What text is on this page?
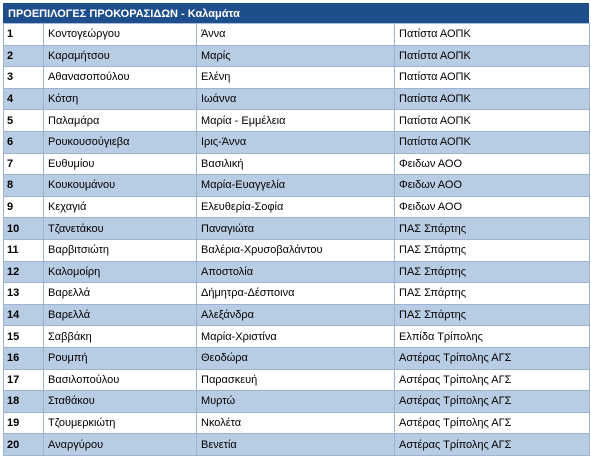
ΠΡΟΕΠΙΛΟΓΕΣ ΠΡΟΚΟΡΑΣΙΔΩΝ - Καλαμάτα
1	Κοντογεώργου	Άννα	Πατίστα ΑΟΠΚ
2	Καραμήτσου	Μαρίς	Πατίστα ΑΟΠΚ
3	Αθανασοπούλου	Ελένη	Πατίστα ΑΟΠΚ
4	Κότση	Ιωάννα	Πατίστα ΑΟΠΚ
5	Παλαμάρα	Μαρία - Εμμέλεια	Πατίστα ΑΟΠΚ
6	Ρουκουσούγιεβα	Ιρις-Άννα	Πατίστα ΑΟΠΚ
7	Ευθυμίου	Βασιλική	Φειδων ΑΟΟ
8	Κουκουμάνου	Μαρία-Ευαγγελία	Φειδων ΑΟΟ
9	Κεχαγιά	Ελευθερία-Σοφία	Φειδων ΑΟΟ
10	Τζανετάκου	Παναγιώτα	ΠΑΣ Σπάρτης
11	Βαρβιτσιώτη	Βαλέρια-Χρυσοβαλάντου	ΠΑΣ Σπάρτης
12	Καλομοίρη	Αποστολία	ΠΑΣ Σπάρτης
13	Βαρελλά	Δήμητρα-Δέσποινα	ΠΑΣ Σπάρτης
14	Βαρελλά	Αλεξάνδρα	ΠΑΣ Σπάρτης
15	Σαββάκη	Μαρία-Χριστίνα	Ελπίδα Τρίπολης
16	Ρουμπή	Θεοδώρα	Αστέρας Τρίπολης ΑΓΣ
17	Βασιλοπούλου	Παρασκευή	Αστέρας Τρίπολης ΑΓΣ
18	Σταθάκου	Μυρτώ	Αστέρας Τρίπολης ΑΓΣ
19	Τζουμερκιώτη	Νκολέτα	Αστέρας Τρίπολης ΑΓΣ
20	Αναργύρου	Βενετία	Αστέρας Τρίπολης ΑΓΣ
